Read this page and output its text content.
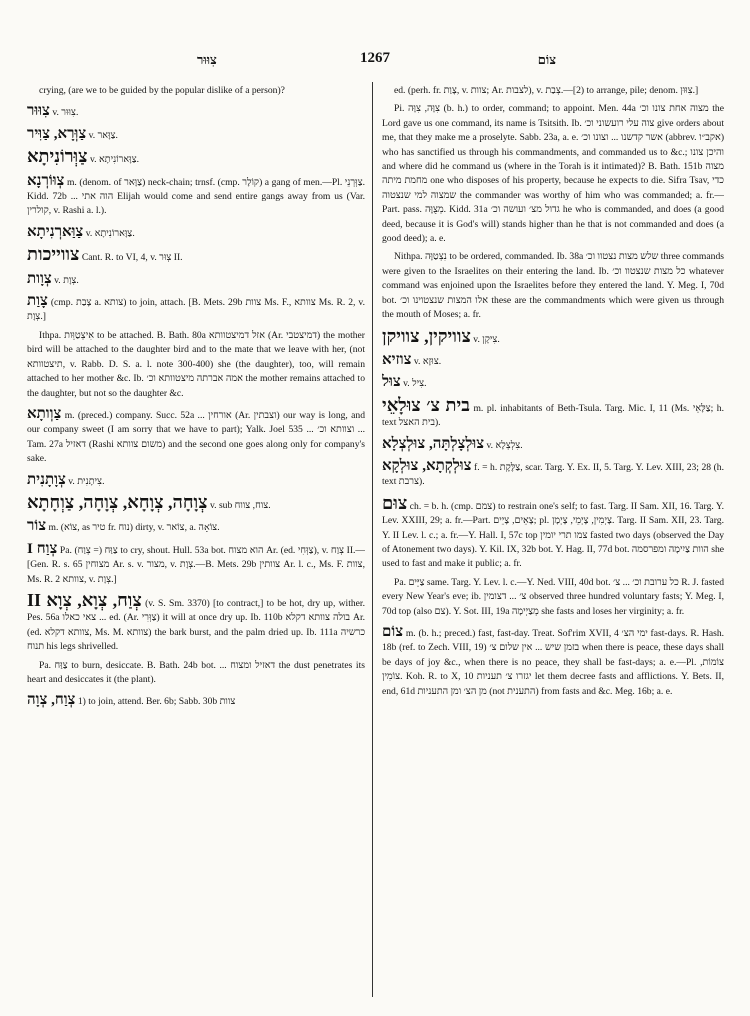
צִוּוּר	1267	צוֹם
crying, (are we to be guided by the popular dislike of a person)?
צִוּוּר v. צִוּוּר.
צַוְּרָא, צַוִּיר v. צַוָּאר.
צַוְּרוֹנִיתָא v. צַוָּארוֹנִיתָא.
צְוּוֹרְנָא m. (denom. of צַוָּאר) neck-chain; trnsf. (cmp. קוֹלָר) a gang of men.—Pl. צַוְּרְנֵי. Kidd. 72b ... הוה אתי Elijah would come and send entire gangs away from us (Var. קולרין, v. Rashi a. l.).
צַוַּארְנִיתָא v. צַוָּארוֹנִיתָא.
צווייכות Cant. R. to VI, 4, v. צְוּר II.
צְוָות v. צְוָת.
צָוַת (cmp. צָבַת a. צותא) to join, attach. [B. Mets. 29b צוות Ms. F., צוותא Ms. R. 2, v. צְוָת.]
Ithpa. אִיצְטַוֵּות to be attached. B. Bath. 80a אזל דמיצטוותא (Ar. דמיצטבי) the mother bird will be attached to the daughter bird and to the mate that we leave with her, (not תיצטוותא, v. Rabb. D. S. a. l. note 300-400) she (the daughter), too, will remain attached to her mother &c. Ib. אמה אברתה מיצטוותא וכ׳ the mother remains attached to the daughter, but not so the daughter &c.
צַוְותָא m. (preced.) company. Succ. 52a ... אורחין (Ar. וצבתין) our way is long, and our company sweet (I am sorry that we have to part); Yalk. Joel 535 ... וצוותא וכ׳ ... Tam. 27a דאזיל (Rashi משום צוותא) and the second one goes along only for company's sake.
צְוָתָנִית v. צִיתָנִית.
צְוָחָה, צְוָחָא, צְוָחָה, צַוְחָתָא v. sub צוח, צווח.
צוֹר m. (צוֹא, as טיר fr. נוח) dirty, v. צוֹאר, a. צוֹאָה.
צְוַח I Pa. צַוַּח (= צְוַח) to cry, shout. Hull. 53a bot. הוא מצוח Ar. (ed. צַוְּחִי), v. צְוַח II.—[Gen. R. s. 65 מצוחין Ar. s. v. מצור, v. צְוָת.—B. Mets. 29b צוותין Ar. l. c., Ms. F. צוות, Ms. R. 2 צוותא, v. צְוָת.]
צְוַח, צְוָא, צְוָא II (v. S. Sm. 3370) [to contract,] to be hot, dry up, wither. Pes. 56a צאי כאלו ... ed. (Ar. צַוְּרִי) it will at once dry up. Ib. 110b בולה צוותא דקלא Ar. (ed. צוותא דקלא, Ms. M. צוותא) the bark burst, and the palm dried up. Ib. 111a כרשיה תנוח his legs shrivelled.
Pa. צַוַּח to burn, desiccate. B. Bath. 24b bot. ... דאזיל ומצוח the dust penetrates its heart and desiccates it (the plant).
צְוַח, צְוָה 1) to join, attend. Ber. 6b; Sabb. 30b צוות
ed. (perh. fr. צָוַת, v. צוות; Ar. לצבות), v. צְבַת.—[2) to arrange, pile; denom. צִוּוּן.]
Pi. צִוָּה, צִוָּה (b. h.) to order, command; to appoint. Men. 44a מצוה אחת צונו וכ׳ the Lord gave us one command, its name is Tsitsith. Ib. צוה עלי רועשוני וכ׳ give orders about me, that they make me a proselyte. Sabb. 23a, a. e. אשר קדשנו ... וצונו וכ׳ (abbrev. אקב״ו) who has sanctified us through his commandments, and commanded us to &c.; והיכן צונו and where did he command us (where in the Torah is it intimated)? B. Bath. 151b מצוה מחמת מיתה one who disposes of his property, because he expects to die. Sifra Tsav, כדי שמצוה למי שנצטוה the commander was worthy of him who was commanded; a. fr.—Part. pass. מְצֻוֶּה. Kidd. 31a גדול מצ׳ ועושה וכ׳ he who is commanded, and does (a good deed, because it is God's will) stands higher than he that is not commanded and does (a good deed); a. e.
Nithpa. נִצְטַוָּה to be ordered, commanded. Ib. 38a שלש מצות נצטוו וכ׳ three commands were given to the Israelites on their entering the land. Ib. כל מצות שנצטוו וכ׳ whatever command was enjoined upon the Israelites before they entered the land. Y. Meg. I, 70d bot. אלו המצות שנצטוינו וכ׳ these are the commandments which were given us through the mouth of Moses; a. fr.
צוויקין, צוויקן v. צִיקָן.
צוזיא v. צוּזָא.
צוּל v. צִיל.
בית צ׳ צוּלָאֵי m. pl. inhabitants of Beth-Tsula. Targ. Mic. I, 11 (Ms. צַלָּאֵי; h. text בית האצל).
צוּלְצָלְתָּה, צוּלְצְלָא v. צִלְצְלָא.
צוּלְקְתָא, צוּלְקָא f. = h. צַלֶּקֶת, scar. Targ. Y. Ex. II, 5. Targ. Y. Lev. XIII, 23; 28 (h. text צרבת).
צוּם ch. = b. h. (cmp. צמם) to restrain one's self; to fast. Targ. II Sam. XII, 16. Targ. Y. Lev. XXIII, 29; a. fr.—Part. צָאֵים, צָיֵים; pl. צָיְמִין, צָיְמֵי, צָיְמָן. Targ. II Sam. XII, 23. Targ. Y. II Lev. l. c.; a. fr.—Y. Hall. I, 57c top צמו תרי יומין fasted two days (observed the Day of Atonement two days). Y. Kil. IX, 32b bot. Y. Hag. II, 77d bot. הוות צַיִימָה ומפרסמה she used to fast and make it public; a. fr.
Pa. צַיֵּים same. Targ. Y. Lev. l. c.—Y. Ned. VIII, 40d bot. כל ערובת וכ׳ ... צ׳ R. J. fasted every New Year's eve; ib. צ׳ ... דצומין observed three hundred voluntary fasts; Y. Meg. I, 70d top (also צם). Y. Sot. III, 19a מְצַיְימָה she fasts and loses her virginity; a. fr.
צוֹם m. (b. h.; preced.) fast, fast-day. Treat. Sof'rim XVII, 4 ימי הצ׳ fast-days. R. Hash. 18b (ref. to Zech. VIII, 19) בזמן שיש ... אין שלום צ׳ when there is peace, these days shall be days of joy &c., when there is no peace, they shall be fast-days; a. e.—Pl. צוֹמוֹת, צוֹמִין. Koh. R. to X, 10 יגזרו צ׳ תעניות let them decree fasts and afflictions. Y. Bets. II, end, 61d מן הצ׳ ומן התעניות (not התענית) from fasts and &c. Meg. 16b; a. e.
